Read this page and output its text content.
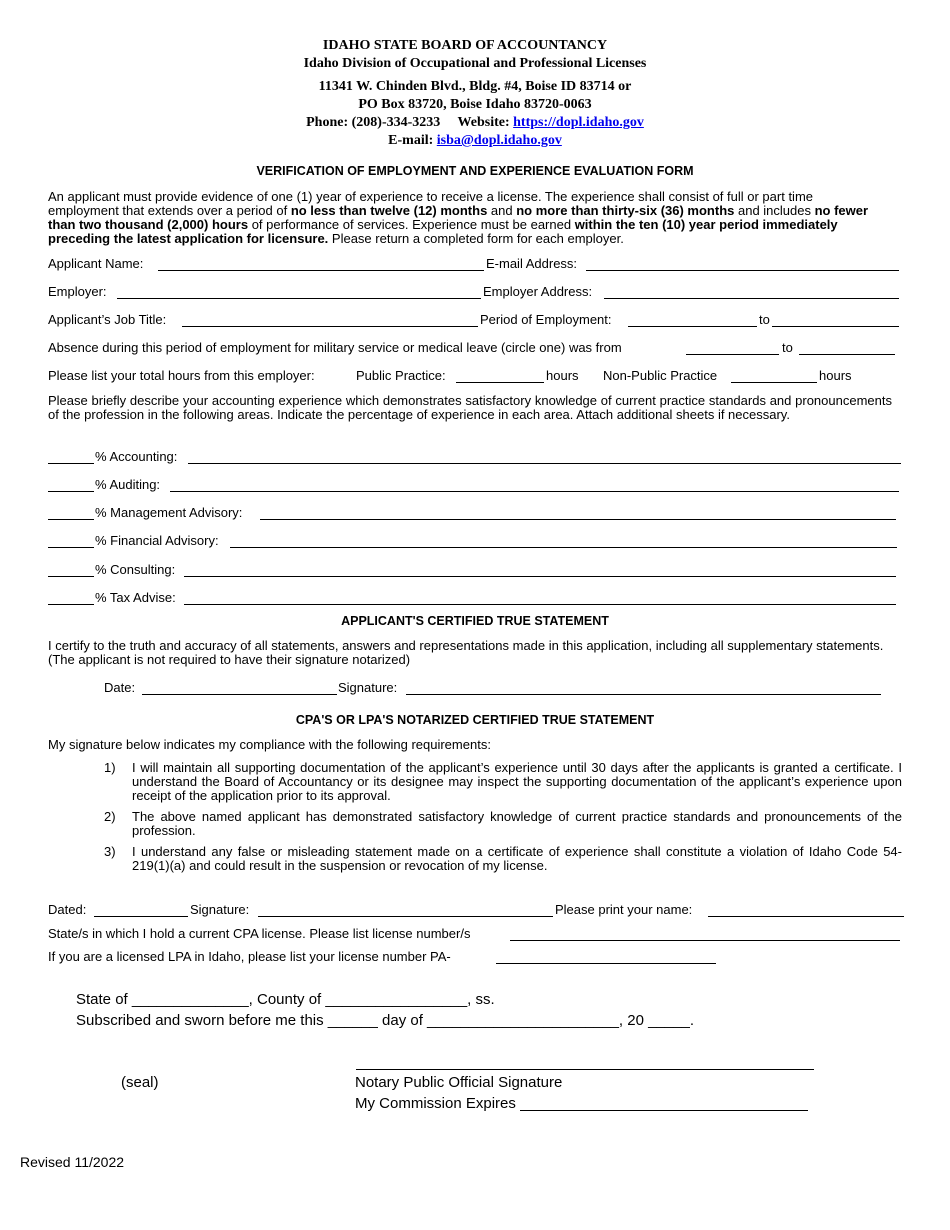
IDAHO STATE BOARD OF ACCOUNTANCY
Idaho Division of Occupational and Professional Licenses
11341 W. Chinden Blvd., Bldg. #4, Boise ID 83714 or
PO Box 83720, Boise Idaho 83720-0063
Phone: (208)-334-3233 Website: https://dopl.idaho.gov
E-mail: isba@dopl.idaho.gov
VERIFICATION OF EMPLOYMENT AND EXPERIENCE EVALUATION FORM
An applicant must provide evidence of one (1) year of experience to receive a license. The experience shall consist of full or part time employment that extends over a period of no less than twelve (12) months and no more than thirty-six (36) months and includes no fewer than two thousand (2,000) hours of performance of services. Experience must be earned within the ten (10) year period immediately preceding the latest application for licensure. Please return a completed form for each employer.
Applicant Name:	E-mail Address:
Employer:	Employer Address:
Applicant’s Job Title:	Period of Employment:	to
Absence during this period of employment for military service or medical leave (circle one) was from	to
Please list your total hours from this employer:	Public Practice:	hours Non-Public Practice	hours
Please briefly describe your accounting experience which demonstrates satisfactory knowledge of current practice standards and pronouncements of the profession in the following areas. Indicate the percentage of experience in each area. Attach additional sheets if necessary.
% Accounting:
% Auditing:
% Management Advisory:
% Financial Advisory:
% Consulting:
% Tax Advise:
APPLICANT'S CERTIFIED TRUE STATEMENT
I certify to the truth and accuracy of all statements, answers and representations made in this application, including all supplementary statements. (The applicant is not required to have their signature notarized)
Date:	Signature:
CPA'S OR LPA'S NOTARIZED CERTIFIED TRUE STATEMENT
My signature below indicates my compliance with the following requirements:
1) I will maintain all supporting documentation of the applicant’s experience until 30 days after the applicants is granted a certificate. I understand the Board of Accountancy or its designee may inspect the supporting documentation of the applicant’s experience upon receipt of the application prior to its approval.
2) The above named applicant has demonstrated satisfactory knowledge of current practice standards and pronouncements of the profession.
3) I understand any false or misleading statement made on a certificate of experience shall constitute a violation of Idaho Code 54-219(1)(a) and could result in the suspension or revocation of my license.
Dated:	Signature:	Please print your name:
State/s in which I hold a current CPA license. Please list license number/s
If you are a licensed LPA in Idaho, please list your license number PA-
State of ______________, County of _________________, ss.
Subscribed and sworn before me this ______ day of _______________________, 20 _____.
(seal)	Notary Public Official Signature
My Commission Expires
Revised 11/2022
